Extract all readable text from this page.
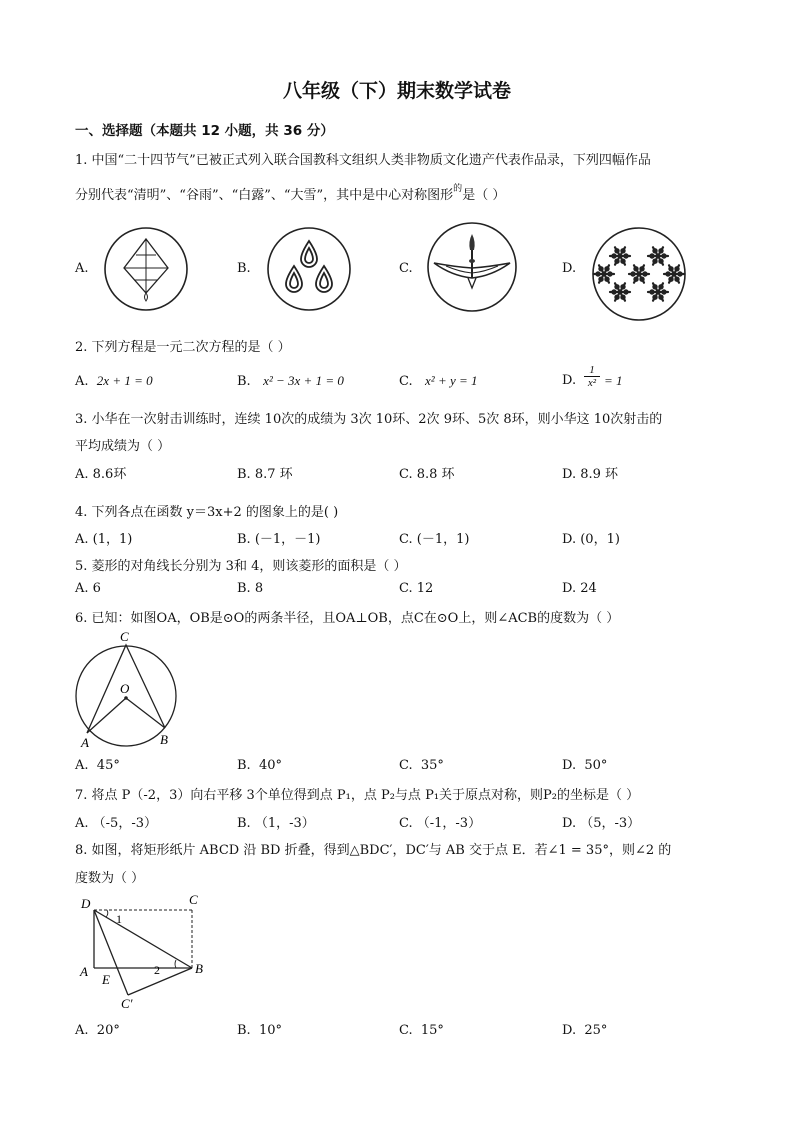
八年级（下）期末数学试卷
一、选择题（本题共 12 小题，共 36 分）
1. 中国“二十四节气”已被正式列入联合国教科文组织人类非物质文化遗产代表作品录，下列四幅作品
分别代表“清明”、“谷雨”、“白露”、“大雪”，其中是中心对称图形$^的$是（ ）
A.	B.	C.	D.
2. 下列方程是一元二次方程的是（ ）
A. 2x + 1 = 0	B. x² − 3x + 1 = 0	C. x² + y = 1	D.
1
x² = 1
3. 小华在一次射击训练时，连续 10次的成绩为 3次 10环、2次 9环、5次 8环，则小华这 10次射击的
平均成绩为（ ）
A. 8.6环	B. 8.7 环	C. 8.8 环	D. 8.9 环
4. 下列各点在函数 y＝3x+2 的图象上的是( )
A. (1，1)	B. (－1，－1)	C. (－1，1)	D. (0，1)
5. 菱形的对角线长分别为 3和 4，则该菱形的面积是（ ）
A. 6	B. 8	C. 12	D. 24
6. 已知：如图OA，OB是⊙O的两条半径，且OA⊥OB，点C在⊙O上，则∠ACB的度数为（ ）
C
O
A	B
A. 45°	B. 40°	C. 35°	D. 50°
7. 将点 P（-2，3）向右平移 3个单位得到点 P₁，点 P₂与点 P₁关于原点对称，则P₂的坐标是（ ）
A. （-5，-3）	B. （1，-3）	C. （-1，-3）	D. （5，-3）
8. 如图，将矩形纸片 ABCD 沿 BD 折叠，得到△BDC′，DC′与 AB 交于点 E．若∠1 = 35°，则∠2 的
度数为（ ）
D	C
A	B
E
C′
1
2
A. 20°	B. 10°	C. 15°	D. 25°
